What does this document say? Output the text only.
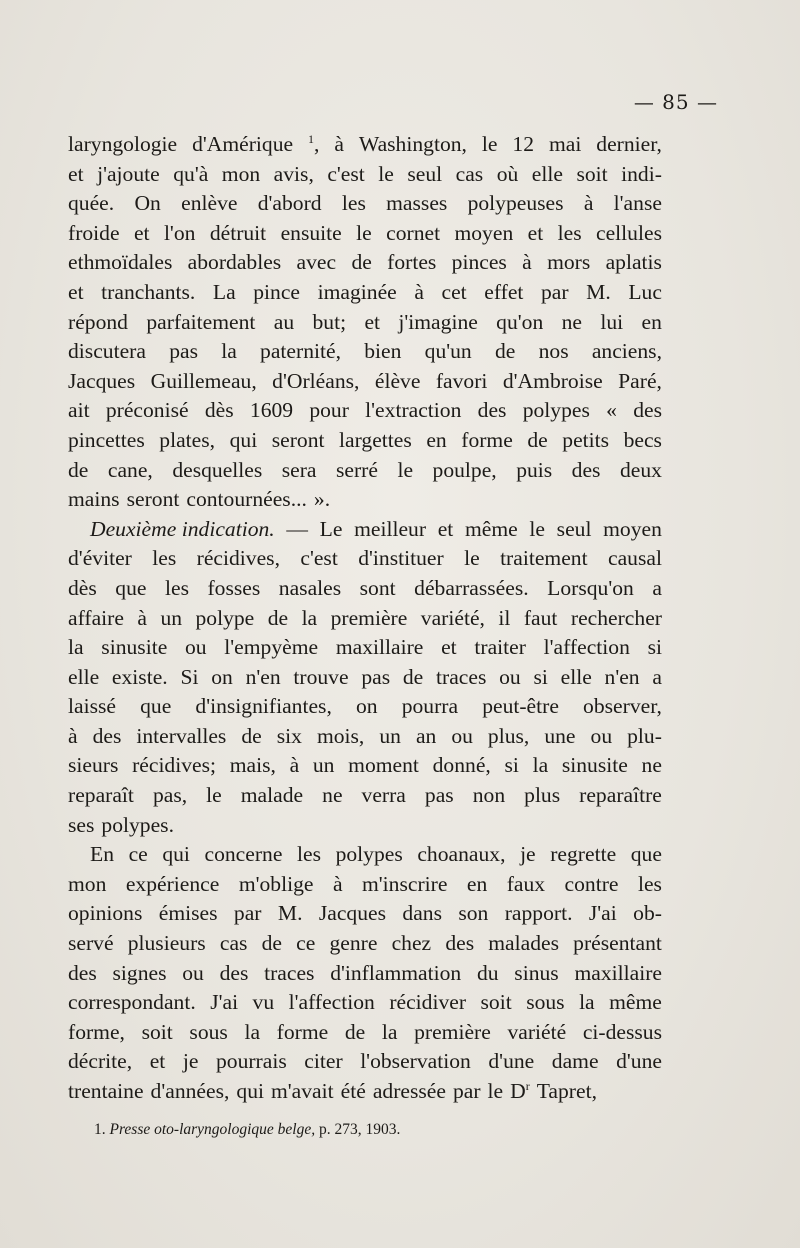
— 85 —
laryngologie d'Amérique $^1$, à Washington, le 12 mai dernier,
et j'ajoute qu'à mon avis, c'est le seul cas où elle soit indi-
quée. On enlève d'abord les masses polypeuses à l'anse
froide et l'on détruit ensuite le cornet moyen et les cellules
ethmoïdales abordables avec de fortes pinces à mors aplatis
et tranchants. La pince imaginée à cet effet par M. Luc
répond parfaitement au but; et j'imagine qu'on ne lui en
discutera pas la paternité, bien qu'un de nos anciens,
Jacques Guillemeau, d'Orléans, élève favori d'Ambroise Paré,
ait préconisé dès 1609 pour l'extraction des polypes « des
pincettes plates, qui seront largettes en forme de petits becs
de cane, desquelles sera serré le poulpe, puis des deux
mains seront contournées... ».
Deuxième indication. — Le meilleur et même le seul moyen
d'éviter les récidives, c'est d'instituer le traitement causal
dès que les fosses nasales sont débarrassées. Lorsqu'on a
affaire à un polype de la première variété, il faut rechercher
la sinusite ou l'empyème maxillaire et traiter l'affection si
elle existe. Si on n'en trouve pas de traces ou si elle n'en a
laissé que d'insignifiantes, on pourra peut-être observer,
à des intervalles de six mois, un an ou plus, une ou plu-
sieurs récidives; mais, à un moment donné, si la sinusite ne
reparaît pas, le malade ne verra pas non plus reparaître
ses polypes.
En ce qui concerne les polypes choanaux, je regrette que
mon expérience m'oblige à m'inscrire en faux contre les
opinions émises par M. Jacques dans son rapport. J'ai ob-
servé plusieurs cas de ce genre chez des malades présentant
des signes ou des traces d'inflammation du sinus maxillaire
correspondant. J'ai vu l'affection récidiver soit sous la même
forme, soit sous la forme de la première variété ci-dessus
décrite, et je pourrais citer l'observation d'une dame d'une
trentaine d'années, qui m'avait été adressée par le D$^r$ Tapret,
1. Presse oto-laryngologique belge, p. 273, 1903.
